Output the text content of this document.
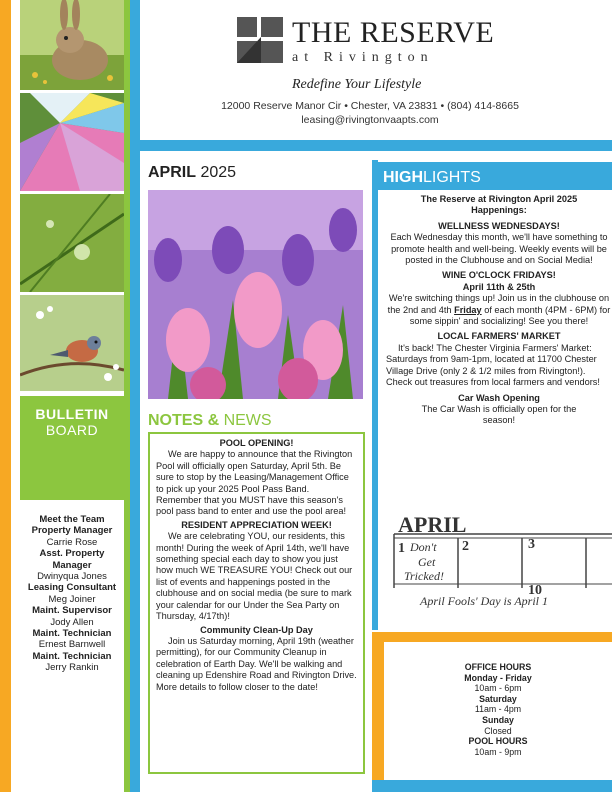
BULLETIN
BOARD
Meet the Team
Property Manager
Carrie Rose
Asst. Property Manager
Dwinyqua Jones
Leasing Consultant
Meg Joiner
Maint. Supervisor
Jody Allen
Maint. Technician
Ernest Barnwell
Maint. Technician
Jerry Rankin
THE RESERVE
at Rivington
Redefine Your Lifestyle
12000 Reserve Manor Cir • Chester, VA 23831 • (804) 414-8665
leasing@rivingtonvaapts.com
APRIL 2025
NOTES & NEWS
POOL OPENING!

We are happy to announce that the Rivington Pool will officially open Saturday, April 5th. Be sure to stop by the Leasing/Management Office to pick up your 2025 Pool Pass Band. Remember that you MUST have this season's pool pass band to enter and use the pool area!

RESIDENT APPRECIATION WEEK!

We are celebrating YOU, our residents, this month! During the week of April 14th, we'll have something special each day to show you just how much WE TREASURE YOU! Check out our list of events and happenings posted in the clubhouse and on social media (be sure to mark your calendar for our Under the Sea Party on Thursday, 4/17th)!

Community Clean-Up Day

Join us Saturday morning, April 19th (weather permitting), for our Community Cleanup in celebration of Earth Day. We'll be walking and cleaning up Edenshire Road and Rivington Drive. More details to follow closer to the date!

HIGHLIGHTS
The Reserve at Rivington April 2025 Happenings:
WELLNESS WEDNESDAYS!
Each Wednesday this month, we'll have something to promote health and well-being. Weekly events will be posted in the Clubhouse and on Social Media!
WINE O'CLOCK FRIDAYS!
April 11th & 25th
We're switching things up! Join us in the clubhouse on the 2nd and 4th Friday of each month (4PM - 6PM) for some sippin' and socializing! See you there!
LOCAL FARMERS' MARKET
It's back! The Chester Virginia Farmers' Market: Saturdays from 9am-1pm, located at 11700 Chester Village Drive (only 2 & 1/2 miles from Rivington!). Check out treasures from local farmers and vendors!
Car Wash Opening
The Car Wash is officially open for the season!
APRIL
1	2	3
10
Don't
Get
Tricked!
April Fools' Day is April 1
OFFICE HOURS
Monday - Friday
10am - 6pm
Saturday
11am - 4pm
Sunday
Closed
POOL HOURS
10am - 9pm
